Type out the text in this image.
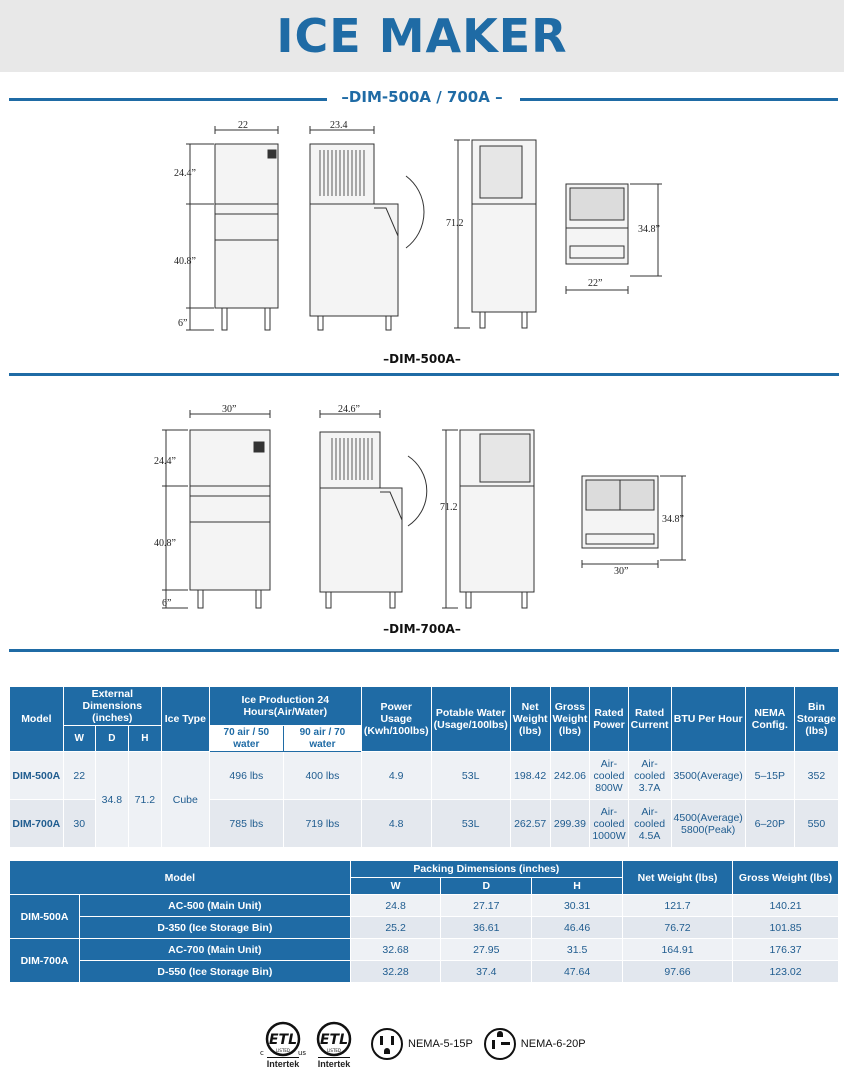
ICE MAKER
–DIM-500A / 700A –
22
24.4”
40.8”
6”
23.4
71.2
34.8”
22”
–DIM-500A–
30”
24.4”
40.8”
6”
24.6”
71.2
34.8”
30”
–DIM-700A–
Model	External Dimensions (inches)			Ice Type	Ice Production 24 Hours(Air/Water)		Power Usage (Kwh/100lbs)	Potable Water (Usage/100lbs)	Net Weight (lbs)	Gross Weight (lbs)	Rated Power	Rated Current	BTU Per Hour	NEMA Config.	Bin Storage (lbs)
	W	D	H		70 air / 50 water	90 air / 70 water									
DIM-500A	22	34.8	71.2	Cube	496 lbs	400 lbs	4.9	53L	198.42	242.06	Air-cooled 800W	Air-cooled 3.7A	3500(Average)	5–15P	352
DIM-700A	30				785 lbs	719 lbs	4.8	53L	262.57	299.39	Air-cooled 1000W	Air-cooled 4.5A	4500(Average) 5800(Peak)	6–20P	550
Model		Packing Dimensions (inches)			Net Weight (lbs)	Gross Weight (lbs)
		W	D	H		
DIM-500A	AC-500 (Main Unit)	24.8	27.17	30.31	121.7	140.21
	D-350 (Ice Storage Bin)	25.2	36.61	46.46	76.72	101.85
DIM-700A	AC-700 (Main Unit)	32.68	27.95	31.5	164.91	176.37
	D-550 (Ice Storage Bin)	32.28	37.4	47.64	97.66	123.02
ETL
c	us
LISTED
Intertek
ETL
LISTED
Intertek
NEMA-5-15P	NEMA-6-20P
